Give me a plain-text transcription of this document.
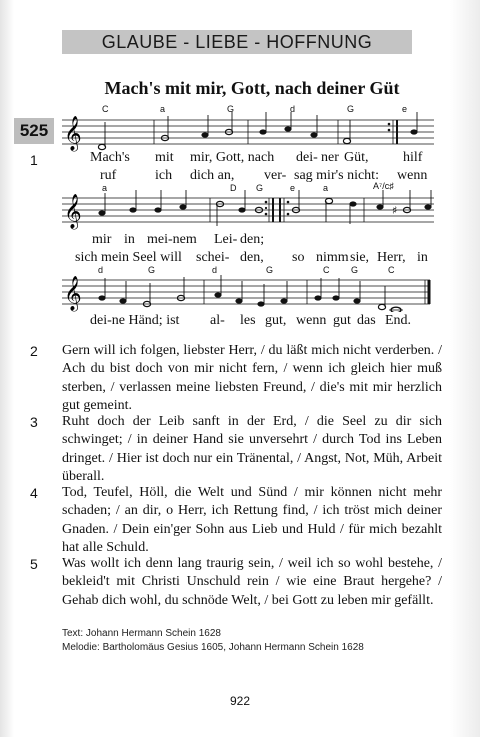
GLAUBE - LIEBE - HOFFNUNG
Mach's mit mir, Gott, nach deiner Güt
525
1
C	a	G	d	G	e
𝄞
Mach's mit mir, Gott, nach dei- ner Güt, hilf
ruf	ich dich an, ver- sag mir's nicht: wenn
a	D G	e	a	A⁷/c♯
𝄞	♯
mir in mei-nem Lei- den;
sich mein Seel will schei- den, so nimm sie, Herr, in
d	G	d	G	C G	C
𝄞
dei-ne Händ; ist al- les gut, wenn gut das End.
2 Gern will ich folgen, liebster Herr, / du läßt mich nicht verderben. / Ach du bist doch von mir nicht fern, / wenn ich gleich hier muß sterben, / verlassen meine liebsten Freund, / die's mit mir herzlich gut gemeint.
3 Ruht doch der Leib sanft in der Erd, / die Seel zu dir sich schwinget; / in deiner Hand sie unversehrt / durch Tod ins Leben dringet. / Hier ist doch nur ein Tränental, / Angst, Not, Müh, Arbeit überall.
4 Tod, Teufel, Höll, die Welt und Sünd / mir können nicht mehr schaden; / an dir, o Herr, ich Rettung find, / ich tröst mich deiner Gnaden. / Dein ein'ger Sohn aus Lieb und Huld / für mich bezahlt hat alle Schuld.
5 Was wollt ich denn lang traurig sein, / weil ich so wohl bestehe, / bekleid't mit Christi Unschuld rein / wie eine Braut hergehe? / Gehab dich wohl, du schnöde Welt, / bei Gott zu leben mir gefällt.
Text: Johann Hermann Schein 1628
Melodie: Bartholomäus Gesius 1605, Johann Hermann Schein 1628
922
